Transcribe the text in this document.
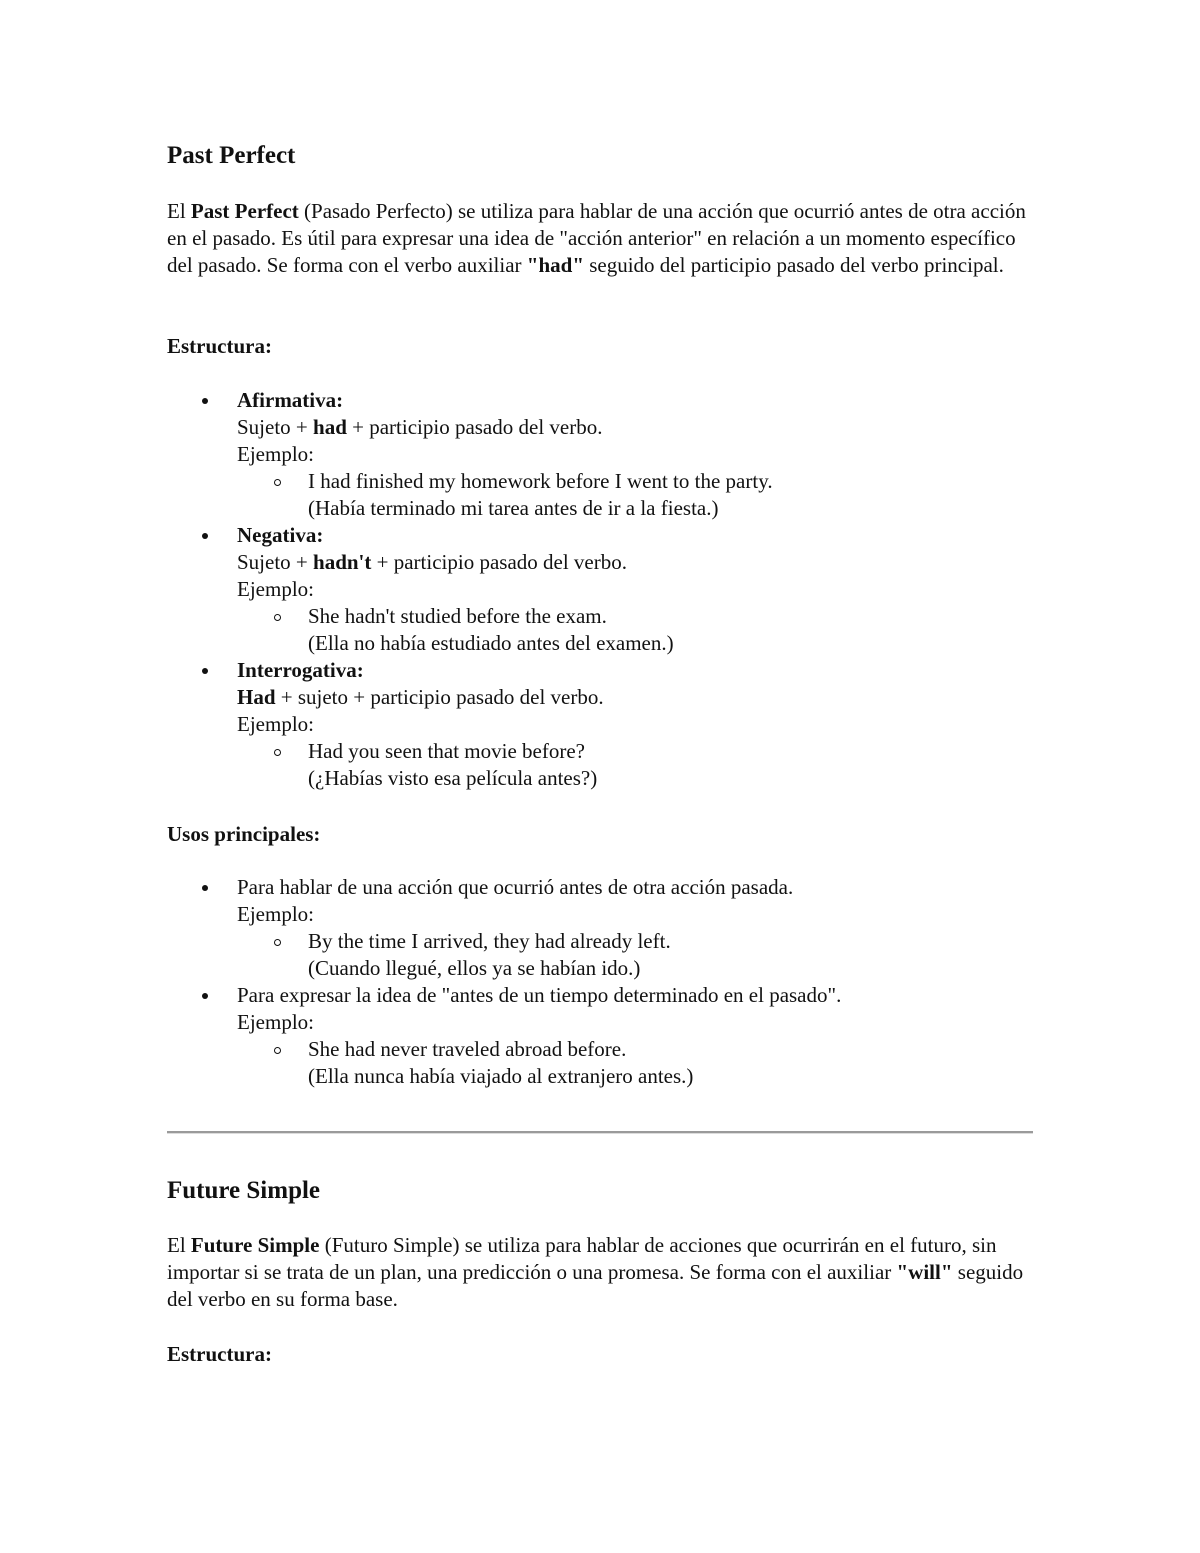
Past Perfect

El Past Perfect (Pasado Perfecto) se utiliza para hablar de una acción que ocurrió antes de otra acción en el pasado. Es útil para expresar una idea de "acción anterior" en relación a un momento específico del pasado. Se forma con el verbo auxiliar "had" seguido del participio pasado del verbo principal.

Estructura:

Afirmativa:
Sujeto + had + participio pasado del verbo.
Ejemplo:
I had finished my homework before I went to the party.
(Había terminado mi tarea antes de ir a la fiesta.)
Negativa:
Sujeto + hadn't + participio pasado del verbo.
Ejemplo:
She hadn't studied before the exam.
(Ella no había estudiado antes del examen.)
Interrogativa:
Had + sujeto + participio pasado del verbo.
Ejemplo:
Had you seen that movie before?
(¿Habías visto esa película antes?)

Usos principales:

Para hablar de una acción que ocurrió antes de otra acción pasada.
Ejemplo:
By the time I arrived, they had already left.
(Cuando llegué, ellos ya se habían ido.)
Para expresar la idea de "antes de un tiempo determinado en el pasado".
Ejemplo:
She had never traveled abroad before.
(Ella nunca había viajado al extranjero antes.)
Future Simple

El Future Simple (Futuro Simple) se utiliza para hablar de acciones que ocurrirán en el futuro, sin importar si se trata de un plan, una predicción o una promesa. Se forma con el auxiliar "will" seguido del verbo en su forma base.

Estructura:
